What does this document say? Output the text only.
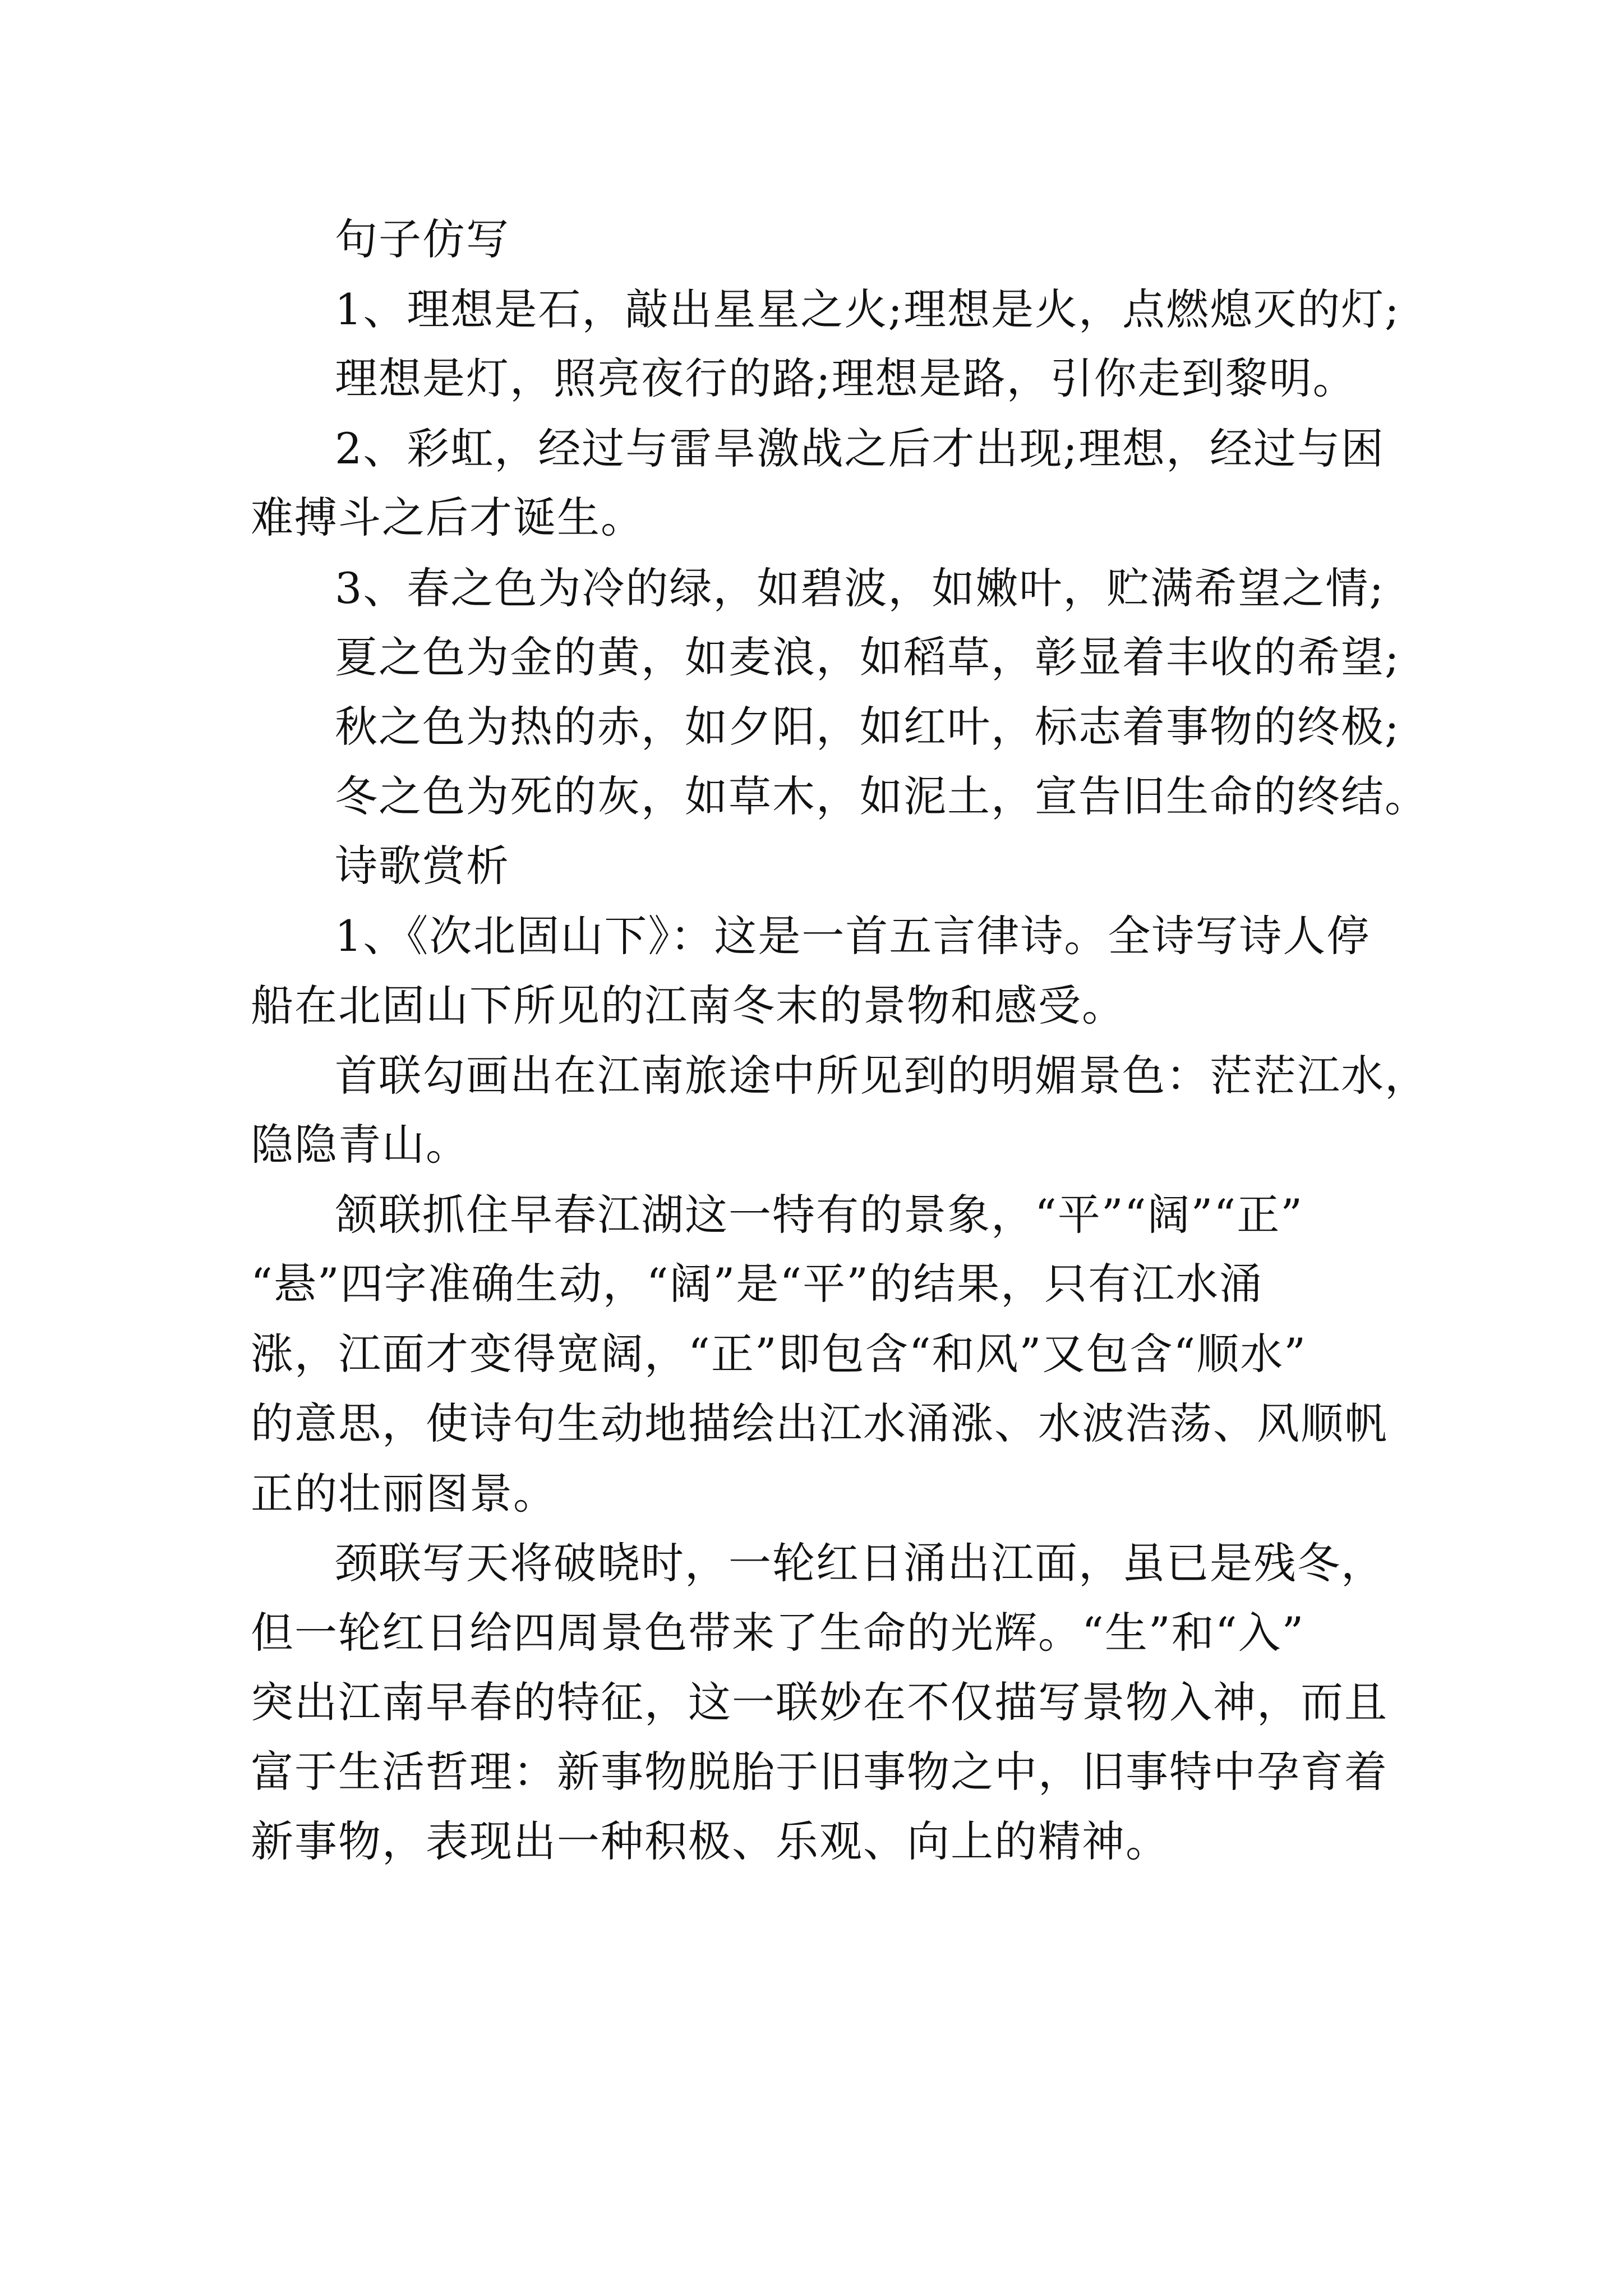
句子仿写
1、理想是石，敲出星星之火;理想是火，点燃熄灭的灯;
理想是灯，照亮夜行的路;理想是路，引你走到黎明。
2、彩虹，经过与雷旱激战之后才出现;理想，经过与困
难搏斗之后才诞生。
3、春之色为冷的绿，如碧波，如嫩叶，贮满希望之情;
夏之色为金的黄，如麦浪，如稻草，彰显着丰收的希望;
秋之色为热的赤，如夕阳，如红叶，标志着事物的终极;
冬之色为死的灰，如草木，如泥土，宣告旧生命的终结。
诗歌赏析
1、《次北固山下》：这是一首五言律诗。全诗写诗人停
船在北固山下所见的江南冬末的景物和感受。
首联勾画出在江南旅途中所见到的明媚景色：茫茫江水，
隐隐青山。
颔联抓住早春江湖这一特有的景象，“平”“阔”“正”
“悬”四字准确生动，“阔”是“平”的结果，只有江水涌
涨，江面才变得宽阔，“正”即包含“和风”又包含“顺水”
的意思，使诗句生动地描绘出江水涌涨、水波浩荡、风顺帆
正的壮丽图景。
颈联写天将破晓时，一轮红日涌出江面，虽已是残冬，
但一轮红日给四周景色带来了生命的光辉。“生”和“入”
突出江南早春的特征，这一联妙在不仅描写景物入神，而且
富于生活哲理：新事物脱胎于旧事物之中，旧事特中孕育着
新事物，表现出一种积极、乐观、向上的精神。
